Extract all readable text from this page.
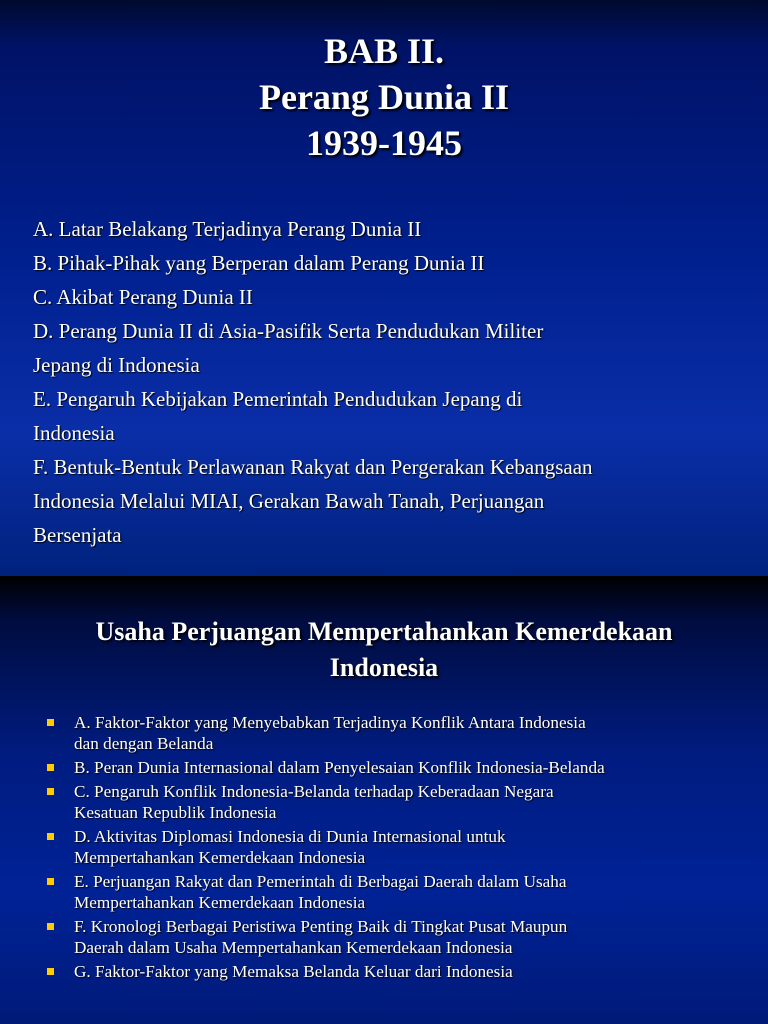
BAB II.
Perang Dunia II
1939-1945
A. Latar Belakang Terjadinya Perang Dunia II
B. Pihak-Pihak yang Berperan dalam Perang Dunia II
C. Akibat Perang Dunia II
D. Perang Dunia II di Asia-Pasifik Serta Pendudukan Militer
Jepang di Indonesia
E. Pengaruh Kebijakan Pemerintah Pendudukan Jepang di
Indonesia
F. Bentuk-Bentuk Perlawanan Rakyat dan Pergerakan Kebangsaan
Indonesia Melalui MIAI, Gerakan Bawah Tanah, Perjuangan
Bersenjata
Usaha Perjuangan Mempertahankan Kemerdekaan
Indonesia
A. Faktor-Faktor yang Menyebabkan Terjadinya Konflik Antara Indonesia
dan dengan Belanda
B. Peran Dunia Internasional dalam Penyelesaian Konflik Indonesia-Belanda
C. Pengaruh Konflik Indonesia-Belanda terhadap Keberadaan Negara
Kesatuan Republik Indonesia
D. Aktivitas Diplomasi Indonesia di Dunia Internasional untuk
Mempertahankan Kemerdekaan Indonesia
E. Perjuangan Rakyat dan Pemerintah di Berbagai Daerah dalam Usaha
Mempertahankan Kemerdekaan Indonesia
F. Kronologi Berbagai Peristiwa Penting Baik di Tingkat Pusat Maupun
Daerah dalam Usaha Mempertahankan Kemerdekaan Indonesia
G. Faktor-Faktor yang Memaksa Belanda Keluar dari Indonesia
